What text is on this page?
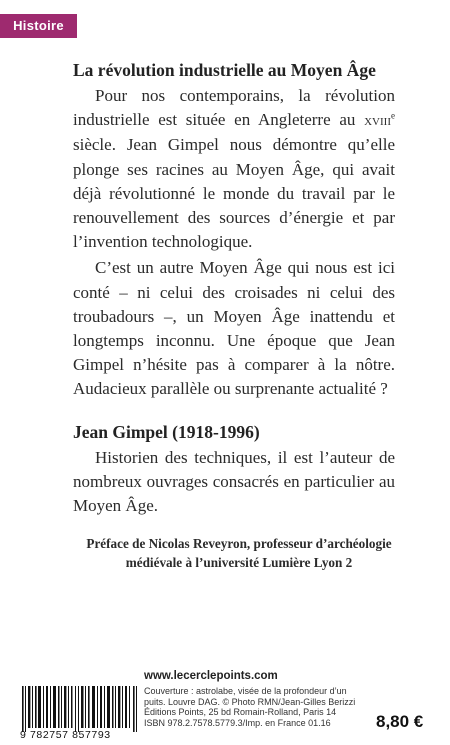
Histoire
La révolution industrielle au Moyen Âge

Pour nos contemporains, la révolution industrielle est située en Angleterre au xviii$^e$ siècle. Jean Gimpel nous démontre qu’elle plonge ses racines au Moyen Âge, qui avait déjà révolutionné le monde du travail par le renouvellement des sources d’énergie et par l’invention technologique.

C’est un autre Moyen Âge qui nous est ici conté – ni celui des croisades ni celui des troubadours –, un Moyen Âge inattendu et longtemps inconnu. Une époque que Jean Gimpel n’hésite pas à comparer à la nôtre. Audacieux parallèle ou surprenante actualité ?

Jean Gimpel (1918-1996)

Historien des techniques, il est l’auteur de nombreux ouvrages consacrés en particulier au Moyen Âge.

Préface de Nicolas Reveyron, professeur d’archéologie
médiévale à l’université Lumière Lyon 2
www.lecerclepoints.com
Couverture : astrolabe, visée de la profondeur d’un
puits. Louvre DAG. © Photo RMN/Jean-Gilles Berizzi
Éditions Points, 25 bd Romain-Rolland, Paris 14
ISBN 978.2.7578.5779.3/Imp. en France 01.16
9 782757 857793
8,80 €
